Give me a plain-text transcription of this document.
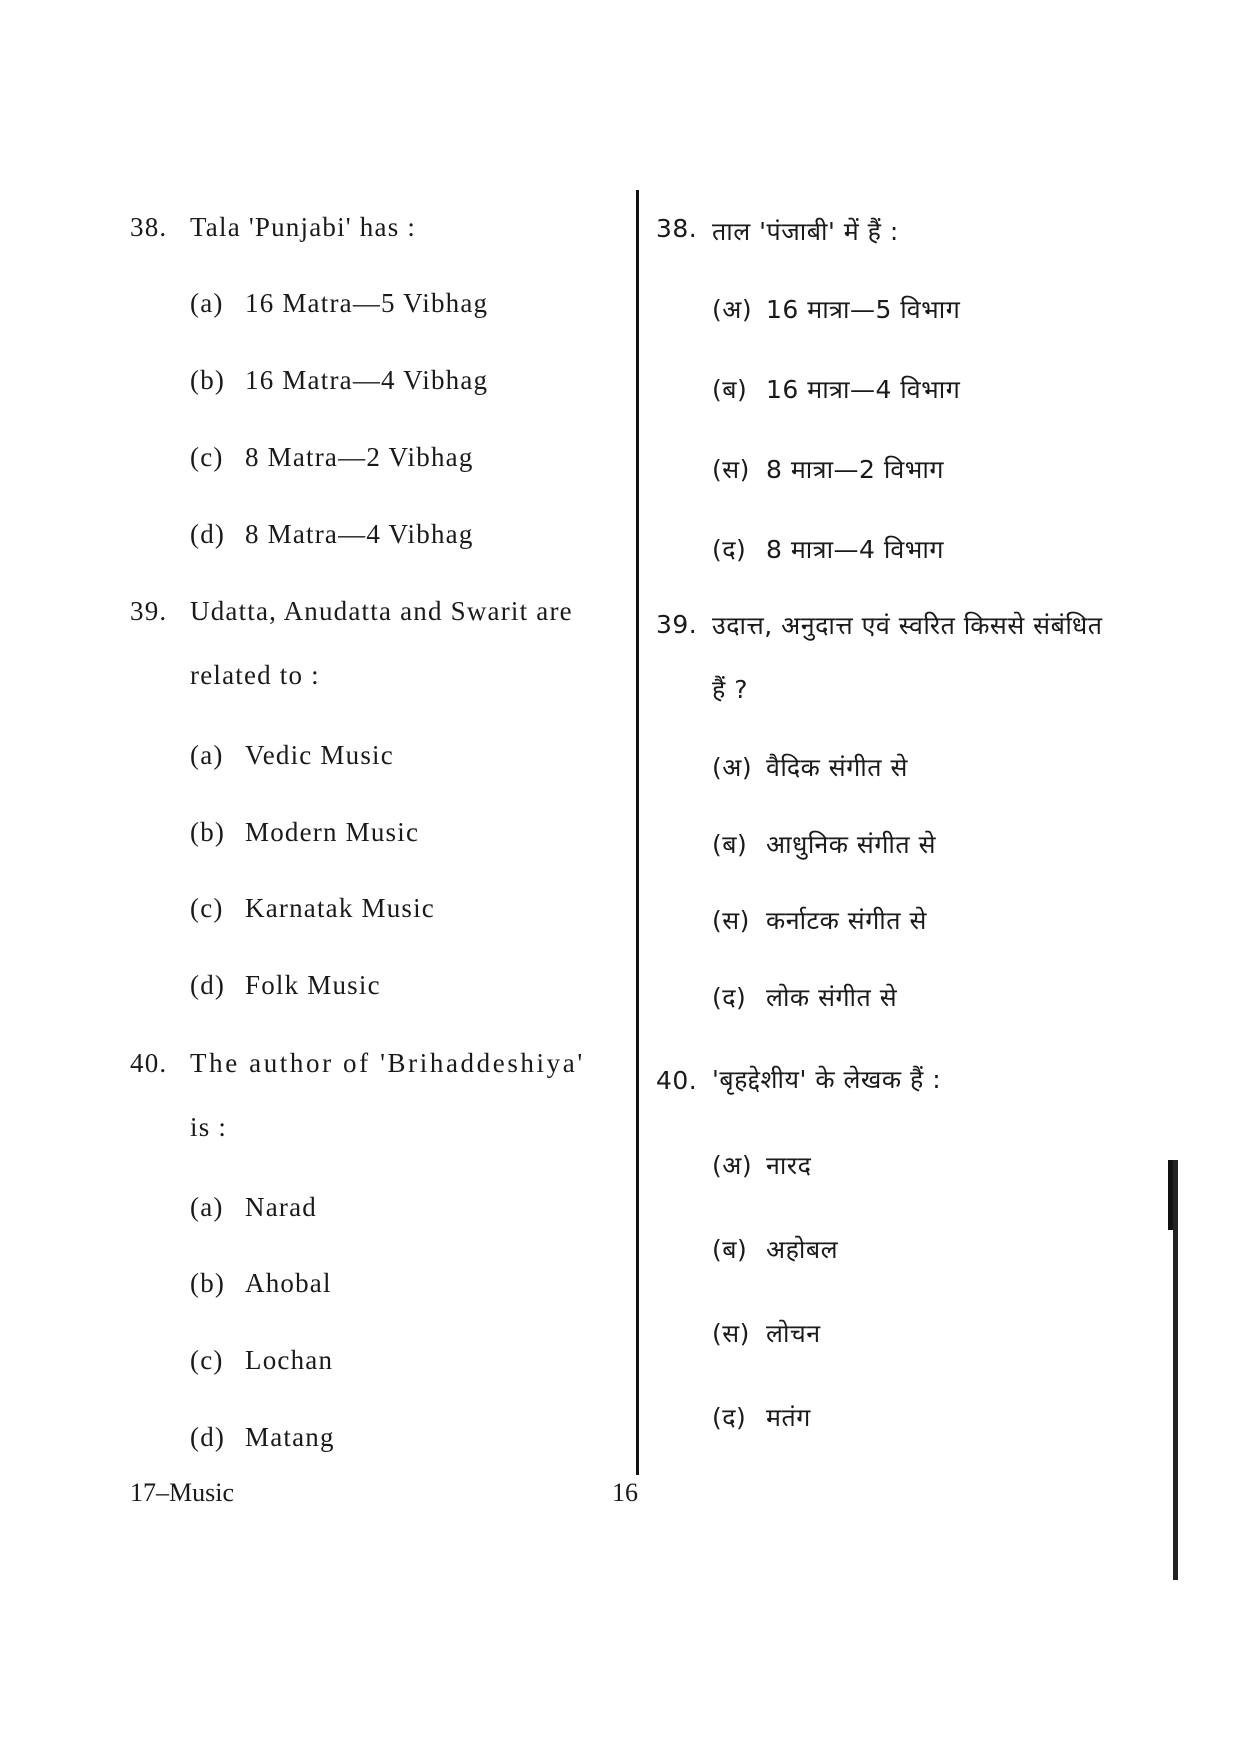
38. Tala 'Punjabi' has :
(a) 16 Matra—5 Vibhag
(b) 16 Matra—4 Vibhag
(c) 8 Matra—2 Vibhag
(d) 8 Matra—4 Vibhag
39. Udatta, Anudatta and Swarit are
related to :
(a) Vedic Music
(b) Modern Music
(c) Karnatak Music
(d) Folk Music
40. The author of 'Brihaddeshiya'
is :
(a) Narad
(b) Ahobal
(c) Lochan
(d) Matang
38. ताल 'पंजाबी' में हैं :
(अ) 16 मात्रा—5 विभाग
(ब) 16 मात्रा—4 विभाग
(स) 8 मात्रा—2 विभाग
(द) 8 मात्रा—4 विभाग
39. उदात्त, अनुदात्त एवं स्वरित किससे संबंधित
हैं ?
(अ) वैदिक संगीत से
(ब) आधुनिक संगीत से
(स) कर्नाटक संगीत से
(द) लोक संगीत से
40. 'बृहद्देशीय' के लेखक हैं :
(अ) नारद
(ब) अहोबल
(स) लोचन
(द) मतंग
17–Music	16
